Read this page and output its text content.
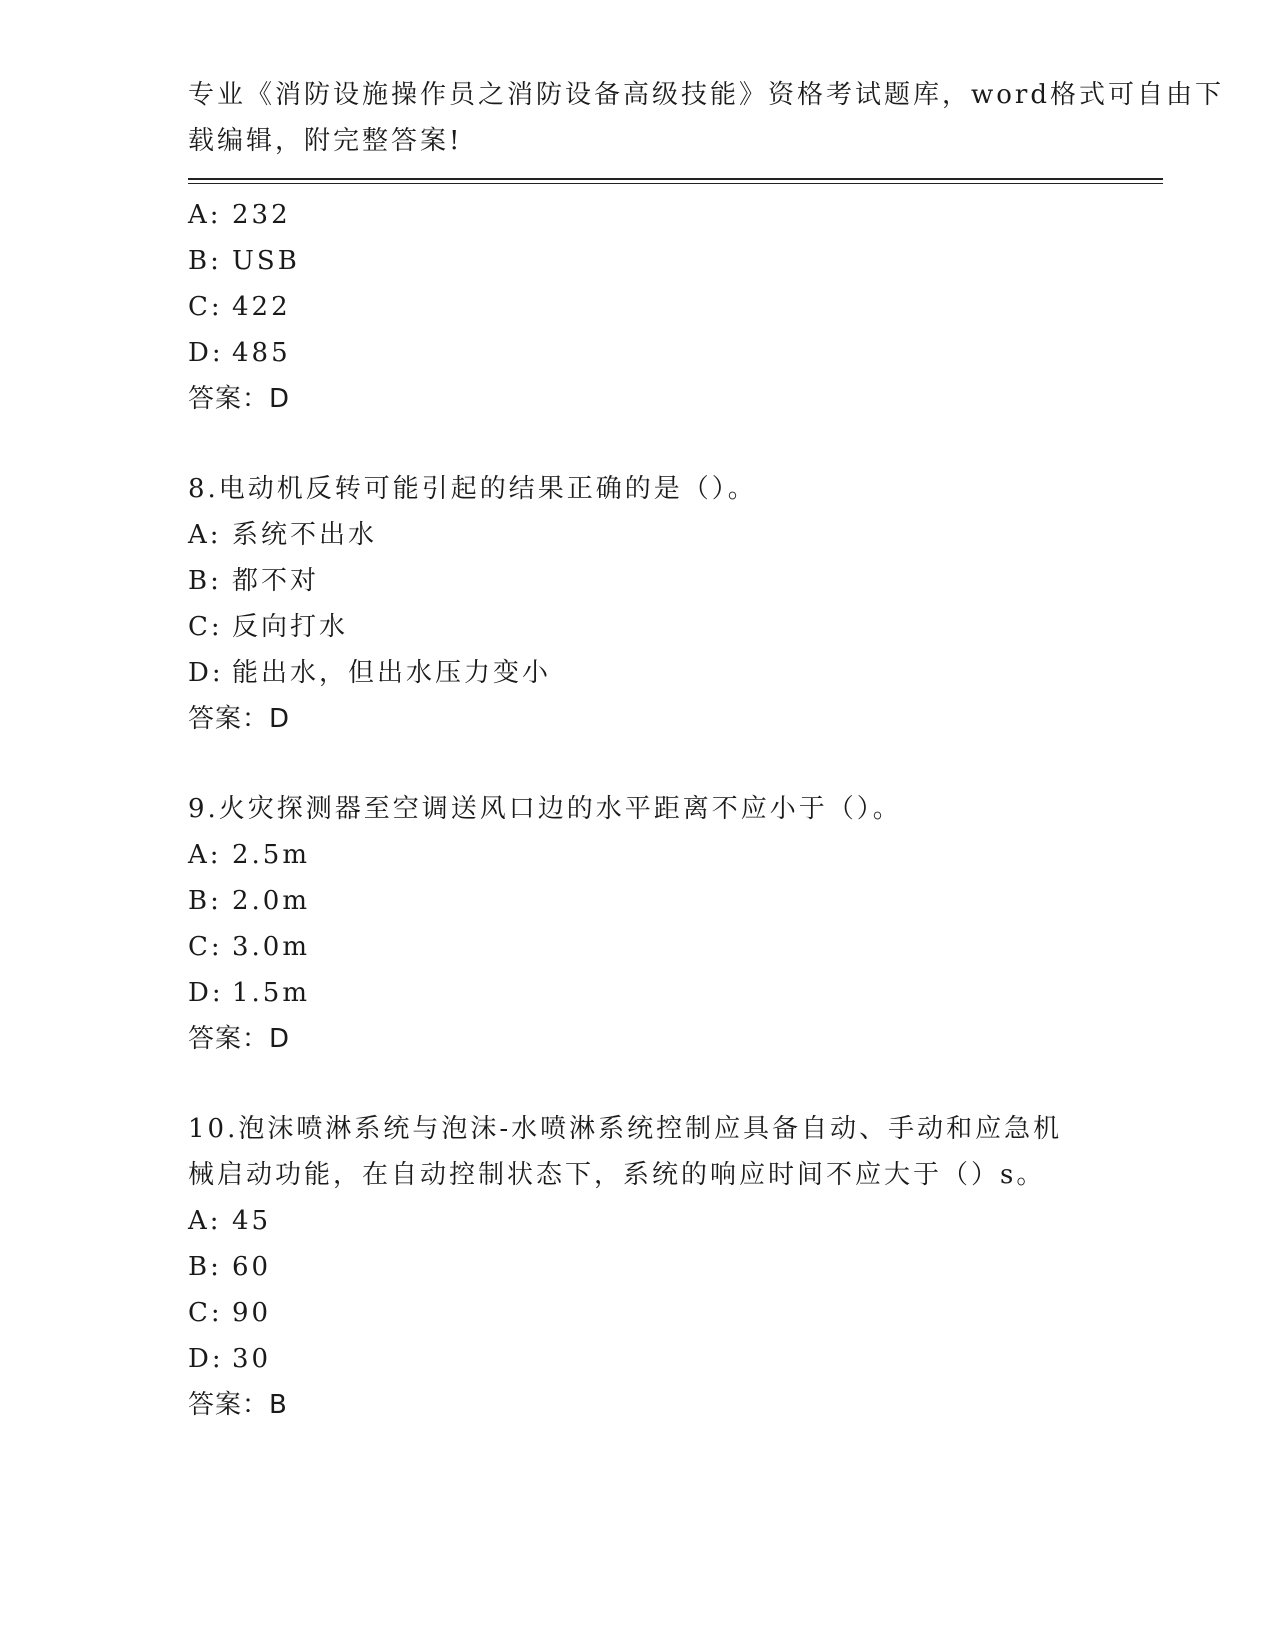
专业《消防设施操作员之消防设备高级技能》资格考试题库，word格式可自由下
载编辑，附完整答案!
A: 232
B: USB
C: 422
D: 485
答案：D
8.电动机反转可能引起的结果正确的是（）。
A: 系统不出水
B: 都不对
C: 反向打水
D: 能出水，但出水压力变小
答案：D
9.火灾探测器至空调送风口边的水平距离不应小于（）。
A: 2.5m
B: 2.0m
C: 3.0m
D: 1.5m
答案：D
10.泡沫喷淋系统与泡沫-水喷淋系统控制应具备自动、手动和应急机
械启动功能，在自动控制状态下，系统的响应时间不应大于（）s。
A: 45
B: 60
C: 90
D: 30
答案：B
